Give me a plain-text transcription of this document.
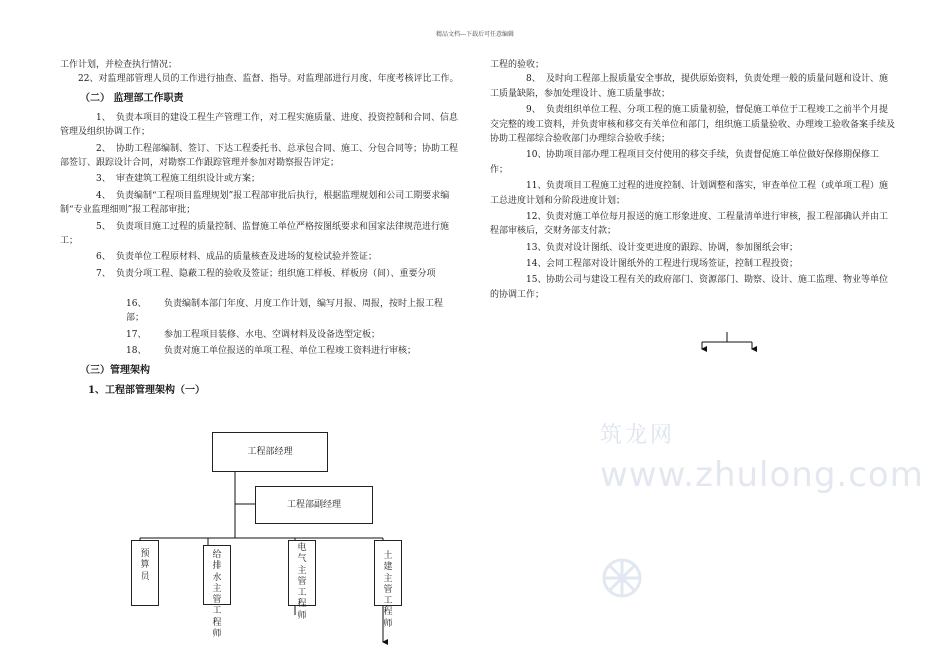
精品文档---下载后可任意编辑

工作计划，并检查执行情况；

22、对监理部管理人员的工作进行抽查、监督、指导。对监理部进行月度、年度考核评比工作。

（二） 监理部工作职责

1、 负责本项目的建设工程生产管理工作，对工程实施质量、进度、投资控制和合同、信息管理及组织协调工作；

2、 协助工程部编制、签订、下达工程委托书、总承包合同、施工、分包合同等；协助工程部签订、跟踪设计合同，对勘察工作跟踪管理并参加对勘察报告评定；

3、 审查建筑工程施工组织设计或方案；

4、 负责编制“工程项目监理规划”报工程部审批后执行，根据监理规划和公司工期要求编制“专业监理细则”报工程部审批；

5、 负责项目施工过程的质量控制、监督施工单位严格按图纸要求和国家法律规范进行施工；

6、 负责单位工程原材料、成品的质量核查及进场的复检试验并签证；

7、 负责分项工程、隐蔽工程的验收及签证；组织施工样板、样板房（间）、重要分项

16、 负责编制本部门年度、月度工作计划，编写月报、周报，按时上报工程部；

17、 参加工程项目装修、水电、空调材料及设备选型定板；

18、 负责对施工单位报送的单项工程、单位工程竣工资料进行审核；

（三）管理架构

1、工程部管理架构（一）

工程的验收；

8、 及时向工程部上报质量安全事故，提供原始资料，负责处理一般的质量问题和设计、施工质量缺陷，参加处理设计、施工质量事故；

9、 负责组织单位工程、分项工程的施工质量初验，督促施工单位于工程竣工之前半个月提交完整的竣工资料，并负责审核和移交有关单位和部门，组织施工质量验收、办理竣工验收备案手续及协助工程部综合验收部门办理综合验收手续；

10、协助项目部办理工程项目交付使用的移交手续，负责督促施工单位做好保修期保修工作；

11、负责项目工程施工过程的进度控制、计划调整和落实，审查单位工程（或单项工程）施工总进度计划和分阶段进度计划；

12、负责对施工单位每月报送的施工形象进度、工程量清单进行审核，报工程部确认并由工程部审核后，交财务部支付款；

13、负责对设计图纸、设计变更进度的跟踪、协调，参加图纸会审；

14、会同工程部对设计图纸外的工程进行现场签证，控制工程投资；

15、协助公司与建设工程有关的政府部门、资源部门、勘察、设计、施工监理、物业等单位的协调工作；

筑龙网
www.zhulong.com
工程部经理
工程部副经理
预算员
给排水主管工程师
电气主管工程师
土建主管工程师
